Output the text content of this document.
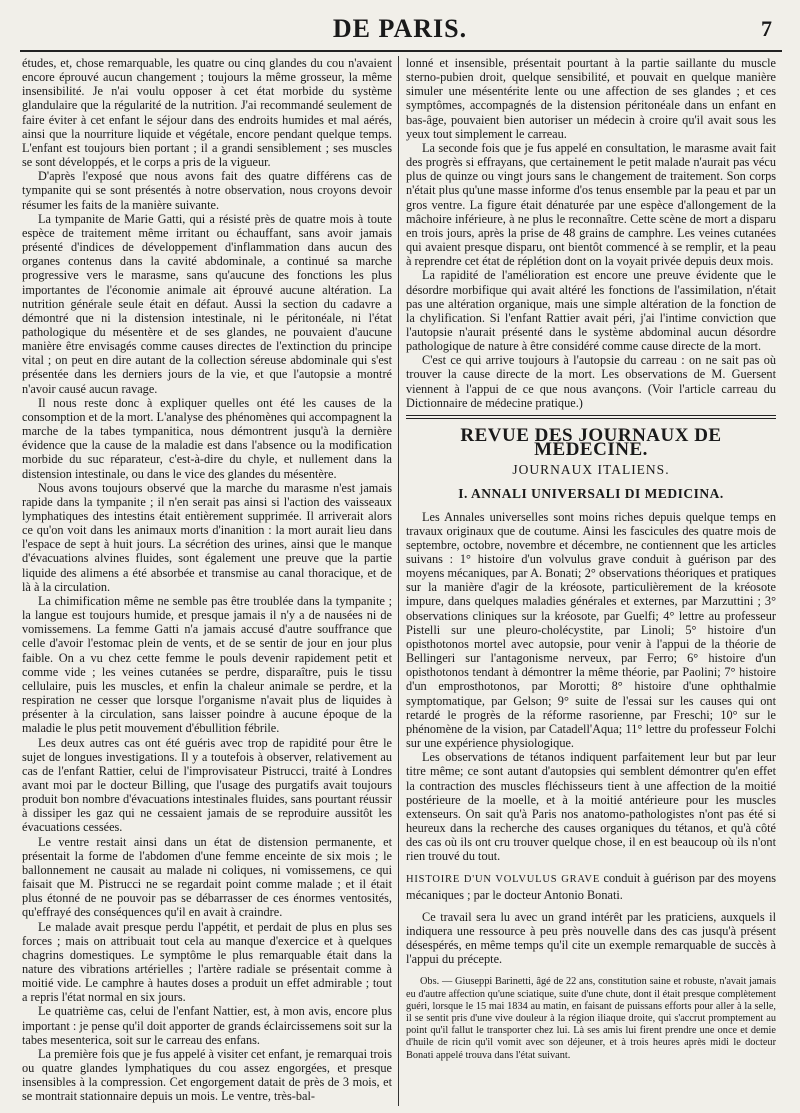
DE PARIS.	7

études, et, chose remarquable, les quatre ou cinq glandes du cou n'avaient encore éprouvé aucun changement ; toujours la même grosseur, la même insensibilité. Je n'ai voulu opposer à cet état morbide du système glandulaire que la régularité de la nutrition. J'ai recommandé seulement de faire éviter à cet enfant le séjour dans des endroits humides et mal aérés, ainsi que la nourriture liquide et végétale, encore pendant quelque temps. L'enfant est toujours bien portant ; il a grandi sensiblement ; ses muscles se sont développés, et le corps a pris de la vigueur.

D'après l'exposé que nous avons fait des quatre différens cas de tympanite qui se sont présentés à notre observation, nous croyons devoir résumer les faits de la manière suivante.

La tympanite de Marie Gatti, qui a résisté près de quatre mois à toute espèce de traitement même irritant ou échauffant, sans avoir jamais présenté d'indices de développement d'inflammation dans aucun des organes contenus dans la cavité abdominale, a continué sa marche progressive vers le marasme, sans qu'aucune des fonctions les plus importantes de l'économie animale ait éprouvé aucune altération. La nutrition générale seule était en défaut. Aussi la section du cadavre a démontré que ni la distension intestinale, ni le péritonéale, ni l'état pathologique du mésentère et de ses glandes, ne pouvaient d'aucune manière être envisagés comme causes directes de l'extinction du principe vital ; on peut en dire autant de la collection séreuse abdominale qui s'est présentée dans les derniers jours de la vie, et que l'autopsie a montré n'avoir causé aucun ravage.

Il nous reste donc à expliquer quelles ont été les causes de la consomption et de la mort. L'analyse des phénomènes qui accompagnent la marche de la tabes tympanitica, nous démontrent jusqu'à la dernière évidence que la cause de la maladie est dans l'absence ou la modification morbide du suc réparateur, c'est-à-dire du chyle, et nullement dans la distension intestinale, ou dans le vice des glandes du mésentère.

Nous avons toujours observé que la marche du marasme n'est jamais rapide dans la tympanite ; il n'en serait pas ainsi si l'action des vaisseaux lymphatiques des intestins était entièrement supprimée. Il arriverait alors ce qu'on voit dans les animaux morts d'inanition : la mort aurait lieu dans l'espace de sept à huit jours. La sécrétion des urines, ainsi que le manque d'évacuations alvines fluides, sont également une preuve que la partie liquide des alimens a été absorbée et transmise au canal thoracique, et de là à la circulation.

La chimification même ne semble pas être troublée dans la tympanite ; la langue est toujours humide, et presque jamais il n'y a de nausées ni de vomissemens. La femme Gatti n'a jamais accusé d'autre souffrance que celle d'avoir l'estomac plein de vents, et de se sentir de jour en jour plus faible. On a vu chez cette femme le pouls devenir rapidement petit et comme vide ; les veines cutanées se perdre, disparaître, puis le tissu cellulaire, puis les muscles, et enfin la chaleur animale se perdre, et la respiration ne cesser que lorsque l'organisme n'avait plus de liquides à présenter à la circulation, sans laisser poindre à aucune époque de la maladie le plus petit mouvement d'ébullition fébrile.

Les deux autres cas ont été guéris avec trop de rapidité pour être le sujet de longues investigations. Il y a toutefois à observer, relativement au cas de l'enfant Rattier, celui de l'improvisateur Pistrucci, traité à Londres avant moi par le docteur Billing, que l'usage des purgatifs avait toujours produit bon nombre d'évacuations intestinales fluides, sans pourtant réussir à dissiper les gaz qui ne cessaient jamais de se reproduire aussitôt les évacuations cessées.

Le ventre restait ainsi dans un état de distension permanente, et présentait la forme de l'abdomen d'une femme enceinte de six mois ; le ballonnement ne causait au malade ni coliques, ni vomissemens, ce qui faisait que M. Pistrucci ne se regardait point comme malade ; et il était plus étonné de ne pouvoir pas se débarrasser de ces énormes ventosités, qu'effrayé des conséquences qu'il en avait à craindre.

Le malade avait presque perdu l'appétit, et perdait de plus en plus ses forces ; mais on attribuait tout cela au manque d'exercice et à quelques chagrins domestiques. Le symptôme le plus remarquable était dans la nature des vibrations artérielles ; l'artère radiale se présentait comme à moitié vide. Le camphre à hautes doses a produit un effet admirable ; tout a repris l'état normal en six jours.

Le quatrième cas, celui de l'enfant Nattier, est, à mon avis, encore plus important : je pense qu'il doit apporter de grands éclaircissemens soit sur la tabes mesenterica, soit sur le carreau des enfans.

La première fois que je fus appelé à visiter cet enfant, je remarquai trois ou quatre glandes lymphatiques du cou assez engorgées, et presque insensibles à la compression. Cet engorgement datait de près de 3 mois, et se montrait stationnaire depuis un mois. Le ventre, très-bal-

lonné et insensible, présentait pourtant à la partie saillante du muscle sterno-pubien droit, quelque sensibilité, et pouvait en quelque manière simuler une mésentérite lente ou une affection de ses glandes ; et ces symptômes, accompagnés de la distension péritonéale dans un enfant en bas-âge, pouvaient bien autoriser un médecin à croire qu'il avait sous les yeux tout simplement le carreau.

La seconde fois que je fus appelé en consultation, le marasme avait fait des progrès si effrayans, que certainement le petit malade n'aurait pas vécu plus de quinze ou vingt jours sans le changement de traitement. Son corps n'était plus qu'une masse informe d'os tenus ensemble par la peau et par un gros ventre. La figure était dénaturée par une espèce d'allongement de la mâchoire inférieure, à ne plus le reconnaître. Cette scène de mort a disparu en trois jours, après la prise de 48 grains de camphre. Les veines cutanées qui avaient presque disparu, ont bientôt commencé à se remplir, et la peau à reprendre cet état de réplétion dont on la voyait privée depuis deux mois.

La rapidité de l'amélioration est encore une preuve évidente que le désordre morbifique qui avait altéré les fonctions de l'assimilation, n'était pas une altération organique, mais une simple altération de la fonction de la chylification. Si l'enfant Rattier avait péri, j'ai l'intime conviction que l'autopsie n'aurait présenté dans le système abdominal aucun désordre pathologique de nature à être considéré comme cause directe de la mort.

C'est ce qui arrive toujours à l'autopsie du carreau : on ne sait pas où trouver la cause directe de la mort. Les observations de M. Guersent viennent à l'appui de ce que nous avançons. (Voir l'article carreau du Dictionnaire de médecine pratique.)

REVUE DES JOURNAUX DE MÉDECINE.
JOURNAUX ITALIENS.
I. ANNALI UNIVERSALI DI MEDICINA.

Les Annales universelles sont moins riches depuis quelque temps en travaux originaux que de coutume. Ainsi les fascicules des quatre mois de septembre, octobre, novembre et décembre, ne contiennent que les articles suivans : 1° histoire d'un volvulus grave conduit à guérison par des moyens mécaniques, par A. Bonati; 2° observations théoriques et pratiques sur la manière d'agir de la kréosote, particulièrement de la kréosote impure, dans quelques maladies générales et externes, par Marzuttini ; 3° observations cliniques sur la kréosote, par Guelfi; 4° lettre au professeur Pistelli sur une pleuro-cholécystite, par Linoli; 5° histoire d'un opisthotonos mortel avec autopsie, pour venir à l'appui de la théorie de Bellingeri sur l'antagonisme nerveux, par Ferro; 6° histoire d'un opisthotonos tendant à démontrer la même théorie, par Paolini; 7° histoire d'un emprosthotonos, par Morotti; 8° histoire d'une ophthalmie symptomatique, par Gelson; 9° suite de l'essai sur les causes qui ont retardé le progrès de la réforme rasorienne, par Freschi; 10° sur le phénomène de la vision, par Catadell'Aqua; 11° lettre du professeur Folchi sur une expérience physiologique.

Les observations de tétanos indiquent parfaitement leur but par leur titre même; ce sont autant d'autopsies qui semblent démontrer qu'en effet la contraction des muscles fléchisseurs tient à une affection de la moitié postérieure de la moelle, et à la moitié antérieure pour les muscles extenseurs. On sait qu'à Paris nos anatomo-pathologistes n'ont pas été si heureux dans la recherche des causes organiques du tétanos, et qu'à côté des cas où ils ont cru trouver quelque chose, il en est beaucoup où ils n'ont rien trouvé du tout.

HISTOIRE D'UN VOLVULUS GRAVE conduit à guérison par des moyens mécaniques ; par le docteur Antonio Bonati.

Ce travail sera lu avec un grand intérêt par les praticiens, auxquels il indiquera une ressource à peu près nouvelle dans des cas jusqu'à présent désespérés, en même temps qu'il cite un exemple remarquable de succès à l'appui du précepte.

Obs. — Giuseppi Barinetti, âgé de 22 ans, constitution saine et robuste, n'avait jamais eu d'autre affection qu'une sciatique, suite d'une chute, dont il était presque complètement guéri, lorsque le 15 mai 1834 au matin, en faisant de puissans efforts pour aller à la selle, il se sentit pris d'une vive douleur à la région iliaque droite, qui s'accrut promptement au point qu'il fallut le transporter chez lui. Là ses amis lui firent prendre une once et demie d'huile de ricin qu'il vomit avec son déjeuner, et à trois heures après midi le docteur Bonati appelé trouva dans l'état suivant.
